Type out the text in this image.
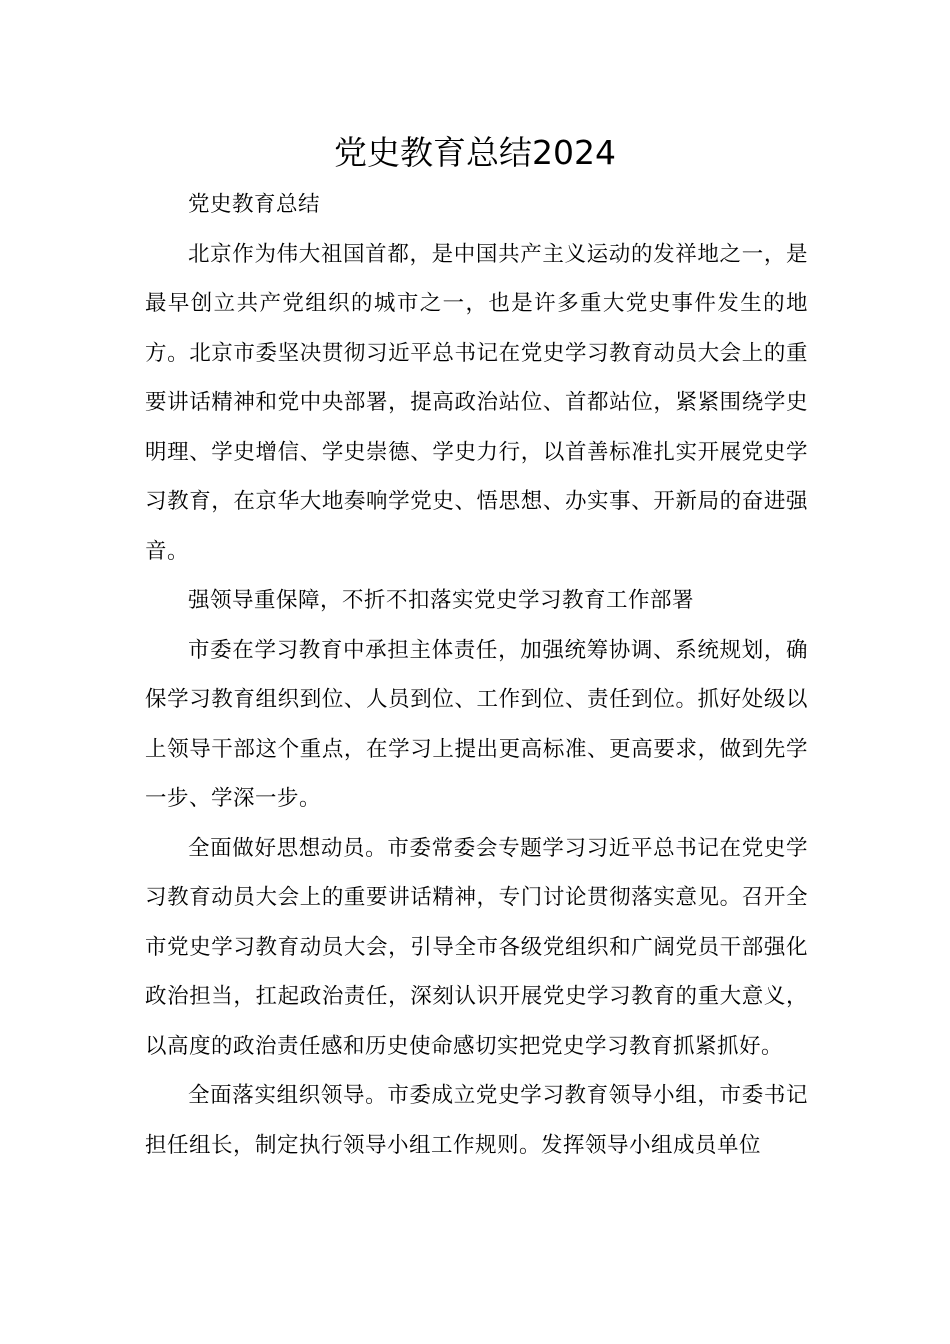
党史教育总结2024

党史教育总结

北京作为伟大祖国首都，是中国共产主义运动的发祥地之一，是最早创立共产党组织的城市之一，也是许多重大党史事件发生的地方。北京市委坚决贯彻习近平总书记在党史学习教育动员大会上的重要讲话精神和党中央部署，提高政治站位、首都站位，紧紧围绕学史明理、学史增信、学史崇德、学史力行，以首善标准扎实开展党史学习教育，在京华大地奏响学党史、悟思想、办实事、开新局的奋进强音。

强领导重保障，不折不扣落实党史学习教育工作部署

市委在学习教育中承担主体责任，加强统筹协调、系统规划，确保学习教育组织到位、人员到位、工作到位、责任到位。抓好处级以上领导干部这个重点，在学习上提出更高标准、更高要求，做到先学一步、学深一步。

全面做好思想动员。市委常委会专题学习习近平总书记在党史学习教育动员大会上的重要讲话精神，专门讨论贯彻落实意见。召开全市党史学习教育动员大会，引导全市各级党组织和广阔党员干部强化政治担当，扛起政治责任，深刻认识开展党史学习教育的重大意义，以高度的政治责任感和历史使命感切实把党史学习教育抓紧抓好。

全面落实组织领导。市委成立党史学习教育领导小组，市委书记担任组长，制定执行领导小组工作规则。发挥领导小组成员单位
